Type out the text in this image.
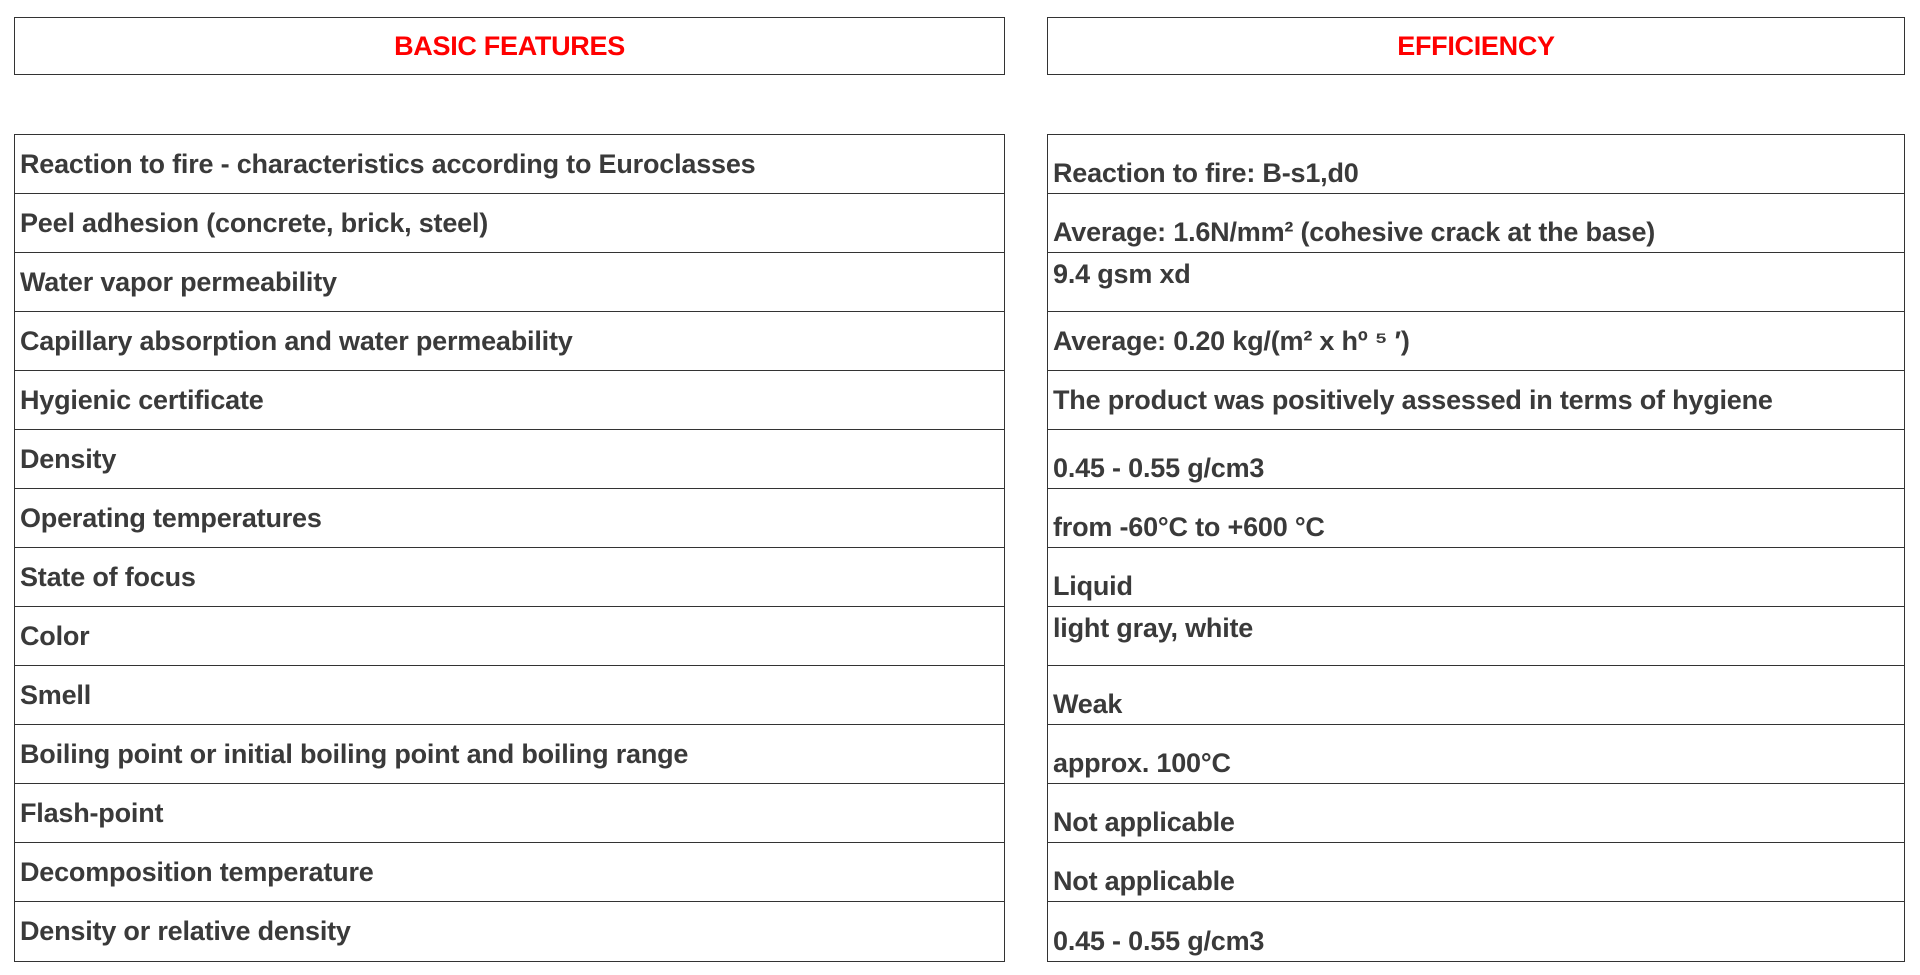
BASIC FEATURES	EFFICIENCY
Reaction to fire - characteristics according to Euroclasses
Peel adhesion (concrete, brick, steel)
Water vapor permeability
Capillary absorption and water permeability
Hygienic certificate
Density
Operating temperatures
State of focus
Color
Smell
Boiling point or initial boiling point and boiling range
Flash-point
Decomposition temperature
Density or relative density
Reaction to fire: B-s1,d0
Average: 1.6N/mm² (cohesive crack at the base)
9.4 gsm xd
Average: 0.20 kg/(m² x hº ⁵ ′)
The product was positively assessed in terms of hygiene
0.45 - 0.55 g/cm3
from -60°C to +600 °C
Liquid
light gray, white
Weak
approx. 100°C
Not applicable
Not applicable
0.45 - 0.55 g/cm3
